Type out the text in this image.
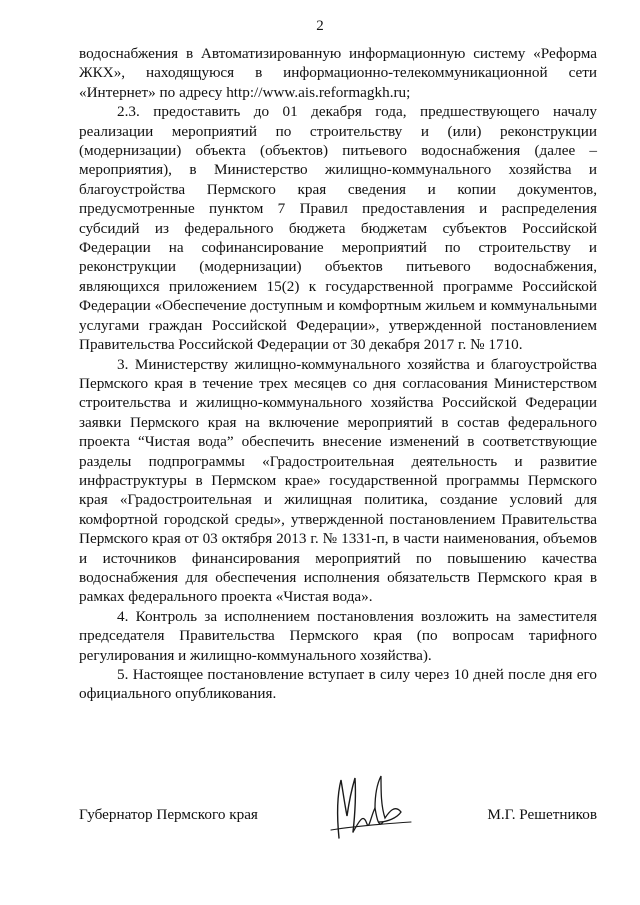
2

водоснабжения в Автоматизированную информационную систему «Реформа ЖКХ», находящуюся в информационно-телекоммуникационной сети «Интернет» по адресу http://www.ais.reformagkh.ru;

2.3. предоставить до 01 декабря года, предшествующего началу реализации мероприятий по строительству и (или) реконструкции (модернизации) объекта (объектов) питьевого водоснабжения (далее – мероприятия), в Министерство жилищно-коммунального хозяйства и благоустройства Пермского края сведения и копии документов, предусмотренные пунктом 7 Правил предоставления и распределения субсидий из федерального бюджета бюджетам субъектов Российской Федерации на софинансирование мероприятий по строительству и реконструкции (модернизации) объектов питьевого водоснабжения, являющихся приложением 15(2) к государственной программе Российской Федерации «Обеспечение доступным и комфортным жильем и коммунальными услугами граждан Российской Федерации», утвержденной постановлением Правительства Российской Федерации от 30 декабря 2017 г. № 1710.

3. Министерству жилищно-коммунального хозяйства и благоустройства Пермского края в течение трех месяцев со дня согласования Министерством строительства и жилищно-коммунального хозяйства Российской Федерации заявки Пермского края на включение мероприятий в состав федерального проекта “Чистая вода” обеспечить внесение изменений в соответствующие разделы подпрограммы «Градостроительная деятельность и развитие инфраструктуры в Пермском крае» государственной программы Пермского края «Градостроительная и жилищная политика, создание условий для комфортной городской среды», утвержденной постановлением Правительства Пермского края от 03 октября 2013 г. № 1331-п, в части наименования, объемов и источников финансирования мероприятий по повышению качества водоснабжения для обеспечения исполнения обязательств Пермского края в рамках федерального проекта «Чистая вода».

4. Контроль за исполнением постановления возложить на заместителя председателя Правительства Пермского края (по вопросам тарифного регулирования и жилищно-коммунального хозяйства).

5. Настоящее постановление вступает в силу через 10 дней после дня его официального опубликования.

Губернатор Пермского края	М.Г. Решетников
